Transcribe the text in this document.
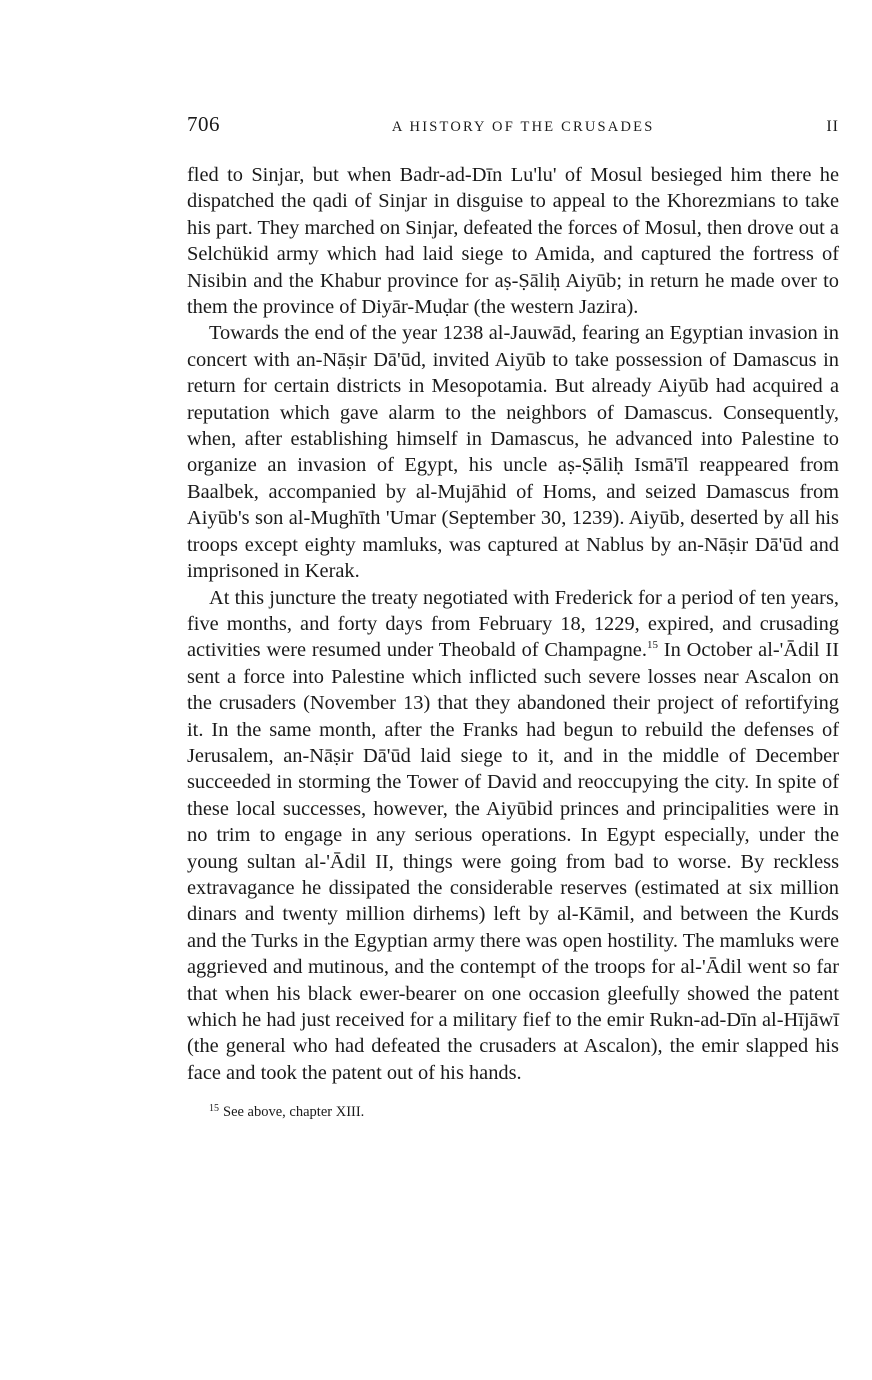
706	A HISTORY OF THE CRUSADES	II

fled to Sinjar, but when Badr-ad-Dīn Lu'lu' of Mosul besieged him there he dispatched the qadi of Sinjar in disguise to appeal to the Khorezmians to take his part. They marched on Sinjar, defeated the forces of Mosul, then drove out a Selchükid army which had laid siege to Amida, and captured the fortress of Nisibin and the Khabur province for aṣ-Ṣāliḥ Aiyūb; in return he made over to them the province of Diyār-Muḍar (the western Jazira).

Towards the end of the year 1238 al-Jauwād, fearing an Egyptian invasion in concert with an-Nāṣir Dā'ūd, invited Aiyūb to take possession of Damascus in return for certain districts in Mesopotamia. But already Aiyūb had acquired a reputation which gave alarm to the neighbors of Damascus. Consequently, when, after establishing himself in Damascus, he advanced into Palestine to organize an invasion of Egypt, his uncle aṣ-Ṣāliḥ Ismā'īl reappeared from Baalbek, accompanied by al-Mujāhid of Homs, and seized Damascus from Aiyūb's son al-Mughīth 'Umar (September 30, 1239). Aiyūb, deserted by all his troops except eighty mamluks, was captured at Nablus by an-Nāṣir Dā'ūd and imprisoned in Kerak.

At this juncture the treaty negotiated with Frederick for a period of ten years, five months, and forty days from February 18, 1229, expired, and crusading activities were resumed under Theobald of Champagne.$^{15}$ In October al-'Ādil II sent a force into Palestine which inflicted such severe losses near Ascalon on the crusaders (November 13) that they abandoned their project of refortifying it. In the same month, after the Franks had begun to rebuild the defenses of Jerusalem, an-Nāṣir Dā'ūd laid siege to it, and in the middle of December succeeded in storming the Tower of David and reoccupying the city. In spite of these local successes, however, the Aiyūbid princes and principalities were in no trim to engage in any serious operations. In Egypt especially, under the young sultan al-'Ādil II, things were going from bad to worse. By reckless extravagance he dissipated the considerable reserves (estimated at six million dinars and twenty million dirhems) left by al-Kāmil, and between the Kurds and the Turks in the Egyptian army there was open hostility. The mamluks were aggrieved and mutinous, and the contempt of the troops for al-'Ādil went so far that when his black ewer-bearer on one occasion gleefully showed the patent which he had just received for a military fief to the emir Rukn-ad-Dīn al-Hījāwī (the general who had defeated the crusaders at Ascalon), the emir slapped his face and took the patent out of his hands.

$^{15}$ See above, chapter XIII.
